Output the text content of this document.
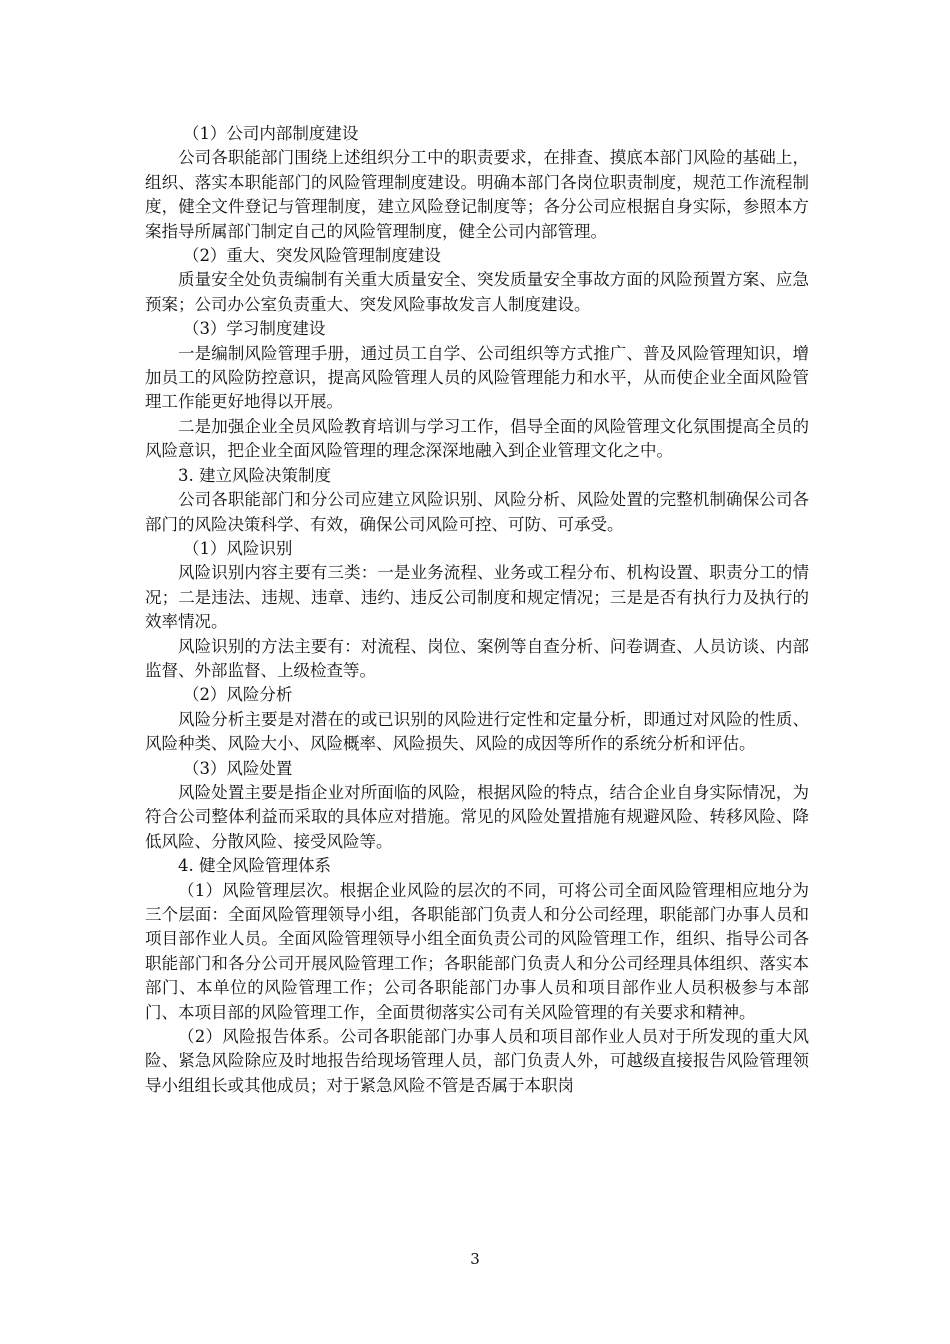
（1）公司内部制度建设

公司各职能部门围绕上述组织分工中的职责要求，在排查、摸底本部门风险的基础上，组织、落实本职能部门的风险管理制度建设。明确本部门各岗位职责制度，规范工作流程制度，健全文件登记与管理制度，建立风险登记制度等；各分公司应根据自身实际，参照本方案指导所属部门制定自己的风险管理制度，健全公司内部管理。

（2）重大、突发风险管理制度建设

质量安全处负责编制有关重大质量安全、突发质量安全事故方面的风险预置方案、应急预案；公司办公室负责重大、突发风险事故发言人制度建设。

（3）学习制度建设

一是编制风险管理手册，通过员工自学、公司组织等方式推广、普及风险管理知识，增加员工的风险防控意识，提高风险管理人员的风险管理能力和水平，从而使企业全面风险管理工作能更好地得以开展。

二是加强企业全员风险教育培训与学习工作，倡导全面的风险管理文化氛围提高全员的风险意识，把企业全面风险管理的理念深深地融入到企业管理文化之中。

3. 建立风险决策制度

公司各职能部门和分公司应建立风险识别、风险分析、风险处置的完整机制确保公司各部门的风险决策科学、有效，确保公司风险可控、可防、可承受。

（1）风险识别

风险识别内容主要有三类：一是业务流程、业务或工程分布、机构设置、职责分工的情况；二是违法、违规、违章、违约、违反公司制度和规定情况；三是是否有执行力及执行的效率情况。

风险识别的方法主要有：对流程、岗位、案例等自查分析、问卷调查、人员访谈、内部监督、外部监督、上级检查等。

（2）风险分析

风险分析主要是对潜在的或已识别的风险进行定性和定量分析，即通过对风险的性质、风险种类、风险大小、风险概率、风险损失、风险的成因等所作的系统分析和评估。

（3）风险处置

风险处置主要是指企业对所面临的风险，根据风险的特点，结合企业自身实际情况，为符合公司整体利益而采取的具体应对措施。常见的风险处置措施有规避风险、转移风险、降低风险、分散风险、接受风险等。

4. 健全风险管理体系

（1）风险管理层次。根据企业风险的层次的不同，可将公司全面风险管理相应地分为三个层面：全面风险管理领导小组，各职能部门负责人和分公司经理，职能部门办事人员和项目部作业人员。全面风险管理领导小组全面负责公司的风险管理工作，组织、指导公司各职能部门和各分公司开展风险管理工作；各职能部门负责人和分公司经理具体组织、落实本部门、本单位的风险管理工作；公司各职能部门办事人员和项目部作业人员积极参与本部门、本项目部的风险管理工作，全面贯彻落实公司有关风险管理的有关要求和精神。

（2）风险报告体系。公司各职能部门办事人员和项目部作业人员对于所发现的重大风险、紧急风险除应及时地报告给现场管理人员，部门负责人外，可越级直接报告风险管理领导小组组长或其他成员；对于紧急风险不管是否属于本职岗

3
